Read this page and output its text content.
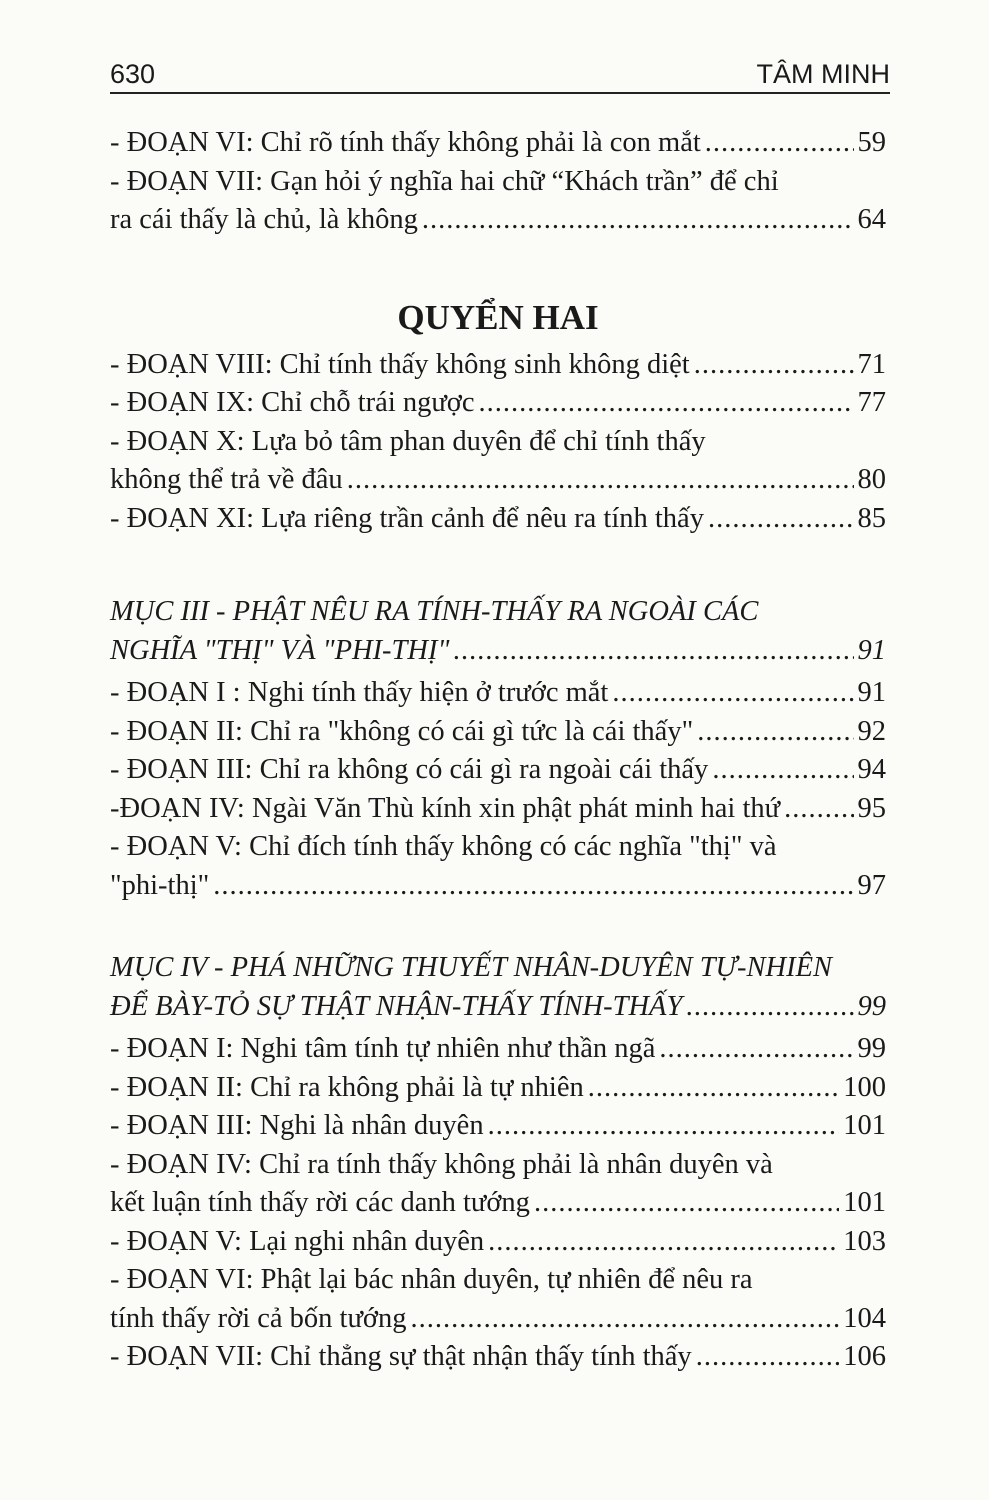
630	TÂM MINH
- ĐOẠN VI: Chỉ rõ tính thấy không phải là con mắt .....	59
- ĐOẠN VII: Gạn hỏi ý nghĩa hai chữ “Khách trần” để chỉ
ra cái thấy là chủ, là không .....	64
QUYỂN HAI
- ĐOẠN VIII: Chỉ tính thấy không sinh không diệt .....	71
- ĐOẠN IX: Chỉ chỗ trái ngược .....	77
- ĐOẠN X: Lựa bỏ tâm phan duyên để chỉ tính thấy
không thể trả về đâu .....	80
- ĐOẠN XI: Lựa riêng trần cảnh để nêu ra tính thấy .....	85
MỤC III - PHẬT NÊU RA TÍNH-THẤY RA NGOÀI CÁC
NGHĨA "THỊ" VÀ "PHI-THỊ" .....	91
- ĐOẠN I : Nghi tính thấy hiện ở trước mắt .....	91
- ĐOẠN II: Chỉ ra "không có cái gì tức là cái thấy" .....	92
- ĐOẠN III: Chỉ ra không có cái gì ra ngoài cái thấy .....	94
-ĐOẠN IV: Ngài Văn Thù kính xin phật phát minh hai thứ .....	95
- ĐOẠN V: Chỉ đích tính thấy không có các nghĩa "thị" và
"phi-thị" .....	97
MỤC IV - PHÁ NHỮNG THUYẾT NHÂN-DUYÊN TỰ-NHIÊN
ĐỂ BÀY-TỎ SỰ THẬT NHẬN-THẤY TÍNH-THẤY .....	99
- ĐOẠN I: Nghi tâm tính tự nhiên như thần ngã .....	99
- ĐOẠN II: Chỉ ra không phải là tự nhiên .....	100
- ĐOẠN III: Nghi là nhân duyên .....	101
- ĐOẠN IV: Chỉ ra tính thấy không phải là nhân duyên và
kết luận tính thấy rời các danh tướng .....	101
- ĐOẠN V: Lại nghi nhân duyên .....	103
- ĐOẠN VI: Phật lại bác nhân duyên, tự nhiên để nêu ra
tính thấy rời cả bốn tướng .....	104
- ĐOẠN VII: Chỉ thẳng sự thật nhận thấy tính thấy .....	106
